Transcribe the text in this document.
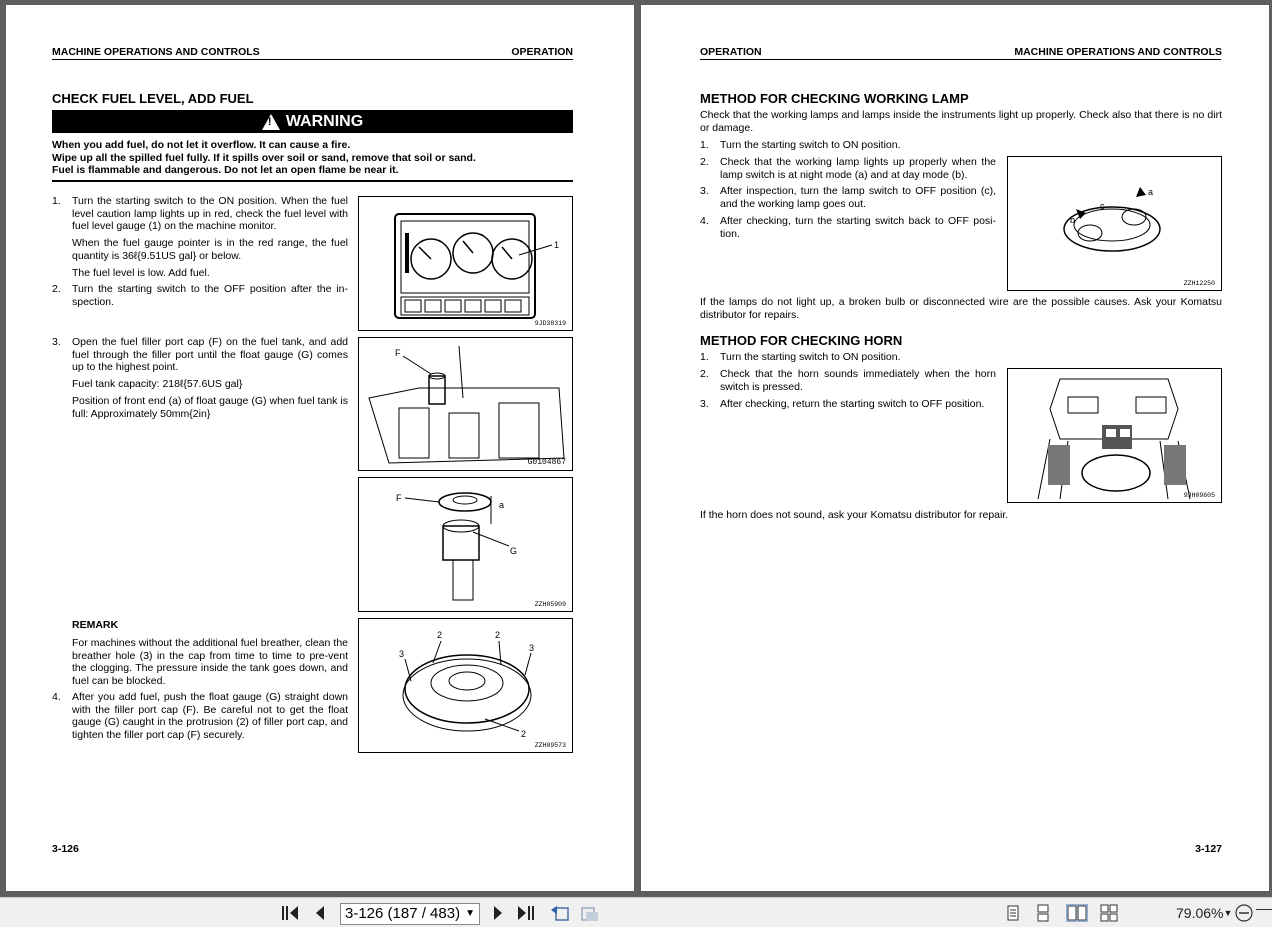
MACHINE OPERATIONS AND CONTROLS	OPERATION
CHECK FUEL LEVEL, ADD FUEL
!
WARNING
When you add fuel, do not let it overflow. It can cause a fire.
Wipe up all the spilled fuel fully. If it spills over soil or sand, remove that soil or sand.
Fuel is flammable and dangerous. Do not let an open flame be near it.
1.	Turn the starting switch to the ON position. When the fuel level caution lamp lights up in red, check the fuel level with fuel level gauge (1) on the machine monitor.
When the fuel gauge pointer is in the red range, the fuel quantity is 36ℓ{9.51US gal} or below.
The fuel level is low. Add fuel.
2.	Turn the starting switch to the OFF position after the in-spection.
1
9JD38319
3.	Open the fuel filler port cap (F) on the fuel tank, and add fuel through the filler port until the float gauge (G) comes up to the highest point.
Fuel tank capacity: 218ℓ{57.6US gal}
Position of front end (a) of float gauge (G) when fuel tank is full: Approximately 50mm{2in}
F
G0104867
F
a
G
ZZH05909
REMARK
For machines without the additional fuel breather, clean the breather hole (3) in the cap from time to time to pre-vent the clogging. The pressure inside the tank goes down, and fuel can be blocked.
4.	After you add fuel, push the float gauge (G) straight down with the filler port cap (F). Be careful not to get the float gauge (G) caught in the protrusion (2) of filler port cap, and tighten the filler port cap (F) securely.
3
2	2
3
2
ZZH09573
3-126
OPERATION	MACHINE OPERATIONS AND CONTROLS
METHOD FOR CHECKING WORKING LAMP
Check that the working lamps and lamps inside the instruments light up properly. Check also that there is no dirt or damage.
1.	Turn the starting switch to ON position.
2.	Check that the working lamp lights up properly when the lamp switch is at night mode (a) and at day mode (b).
3.	After inspection, turn the lamp switch to OFF position (c), and the working lamp goes out.
4.	After checking, turn the starting switch back to OFF posi-tion.
a
b
c
ZZH12250
If the lamps do not light up, a broken bulb or disconnected wire are the possible causes. Ask your Komatsu distributor for repairs.
METHOD FOR CHECKING HORN
1.	Turn the starting switch to ON position.
2.	Check that the horn sounds immediately when the horn switch is pressed.
3.	After checking, return the starting switch to OFF position.
9JH09605
If the horn does not sound, ask your Komatsu distributor for repair.
3-127
3-126 (187 / 483) ▼	79.06% ▼
